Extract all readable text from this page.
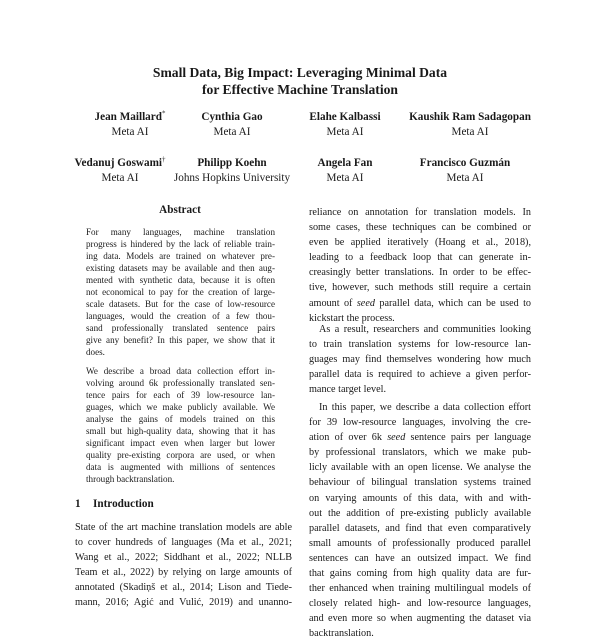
Small Data, Big Impact: Leveraging Minimal Data
for Effective Machine Translation
Jean Maillard*
Meta AI
Cynthia Gao
Meta AI
Elahe Kalbassi
Meta AI
Kaushik Ram Sadagopan
Meta AI
Vedanuj Goswami†
Meta AI
Philipp Koehn
Johns Hopkins University
Angela Fan
Meta AI
Francisco Guzmán
Meta AI
Abstract
For many languages, machine translation
progress is hindered by the lack of reliable train-
ing data. Models are trained on whatever pre-
existing datasets may be available and then aug-
mented with synthetic data, because it is often
not economical to pay for the creation of large-
scale datasets. But for the case of low-resource
languages, would the creation of a few thou-
sand professionally translated sentence pairs
give any benefit? In this paper, we show that it
does.
We describe a broad data collection effort in-
volving around 6k professionally translated sen-
tence pairs for each of 39 low-resource lan-
guages, which we make publicly available. We
analyse the gains of models trained on this
small but high-quality data, showing that it has
significant impact even when larger but lower
quality pre-existing corpora are used, or when
data is augmented with millions of sentences
through backtranslation.
1 Introduction
State of the art machine translation models are able
to cover hundreds of languages (Ma et al., 2021;
Wang et al., 2022; Siddhant et al., 2022; NLLB
Team et al., 2022) by relying on large amounts of
annotated (Skadiņš et al., 2014; Lison and Tiede-
mann, 2016; Agić and Vulić, 2019) and unanno-
reliance on annotation for translation models. In
some cases, these techniques can be combined or
even be applied iteratively (Hoang et al., 2018),
leading to a feedback loop that can generate in-
creasingly better translations. In order to be effec-
tive, however, such methods still require a certain
amount of seed parallel data, which can be used to
kickstart the process.
As a result, researchers and communities looking
to train translation systems for low-resource lan-
guages may find themselves wondering how much
parallel data is required to achieve a given perfor-
mance target level.
In this paper, we describe a data collection effort
for 39 low-resource languages, involving the cre-
ation of over 6k seed sentence pairs per language
by professional translators, which we make pub-
licly available with an open license. We analyse the
behaviour of bilingual translation systems trained
on varying amounts of this data, with and with-
out the addition of pre-existing publicly available
parallel datasets, and find that even comparatively
small amounts of professionally produced parallel
sentences can have an outsized impact. We find
that gains coming from high quality data are fur-
ther enhanced when training multilingual models of
closely related high- and low-resource languages,
and even more so when augmenting the dataset via
backtranslation.
